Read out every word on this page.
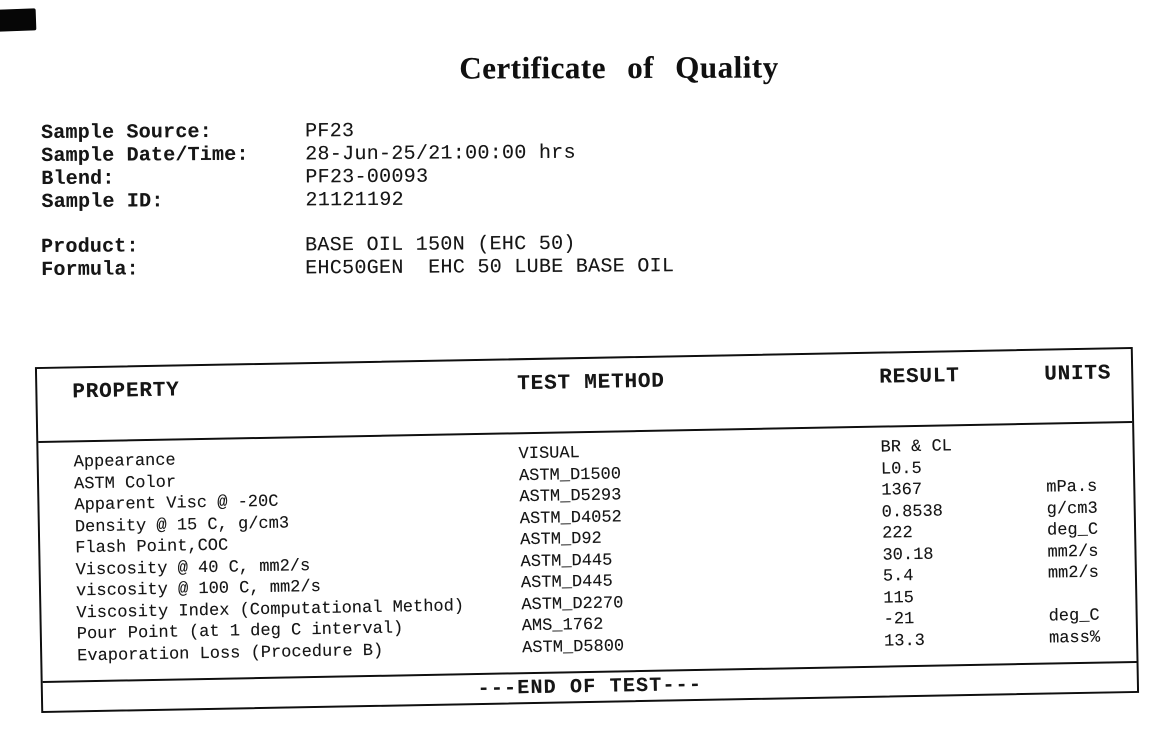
Certificate of Quality
Sample Source:	PF23
Sample Date/Time:	28-Jun-25/21:00:00 hrs
Blend:	PF23-00093
Sample ID:	21121192
Product:	BASE OIL 150N (EHC 50)
Formula:	EHC50GEN  EHC 50 LUBE BASE OIL
PROPERTY	TEST METHOD	RESULT	UNITS
Appearance	VISUAL	BR & CL
ASTM Color	ASTM_D1500	L0.5
Apparent Visc @ -20C	ASTM_D5293	1367	mPa.s
Density @ 15 C, g/cm3	ASTM_D4052	0.8538	g/cm3
Flash Point,COC	ASTM_D92	222	deg_C
Viscosity @ 40 C, mm2/s	ASTM_D445	30.18	mm2/s
viscosity @ 100 C, mm2/s	ASTM_D445	5.4	mm2/s
Viscosity Index (Computational Method)	ASTM_D2270	115
Pour Point (at 1 deg C interval)	AMS_1762	-21	deg_C
Evaporation Loss (Procedure B)	ASTM_D5800	13.3	mass%
---END OF TEST---
